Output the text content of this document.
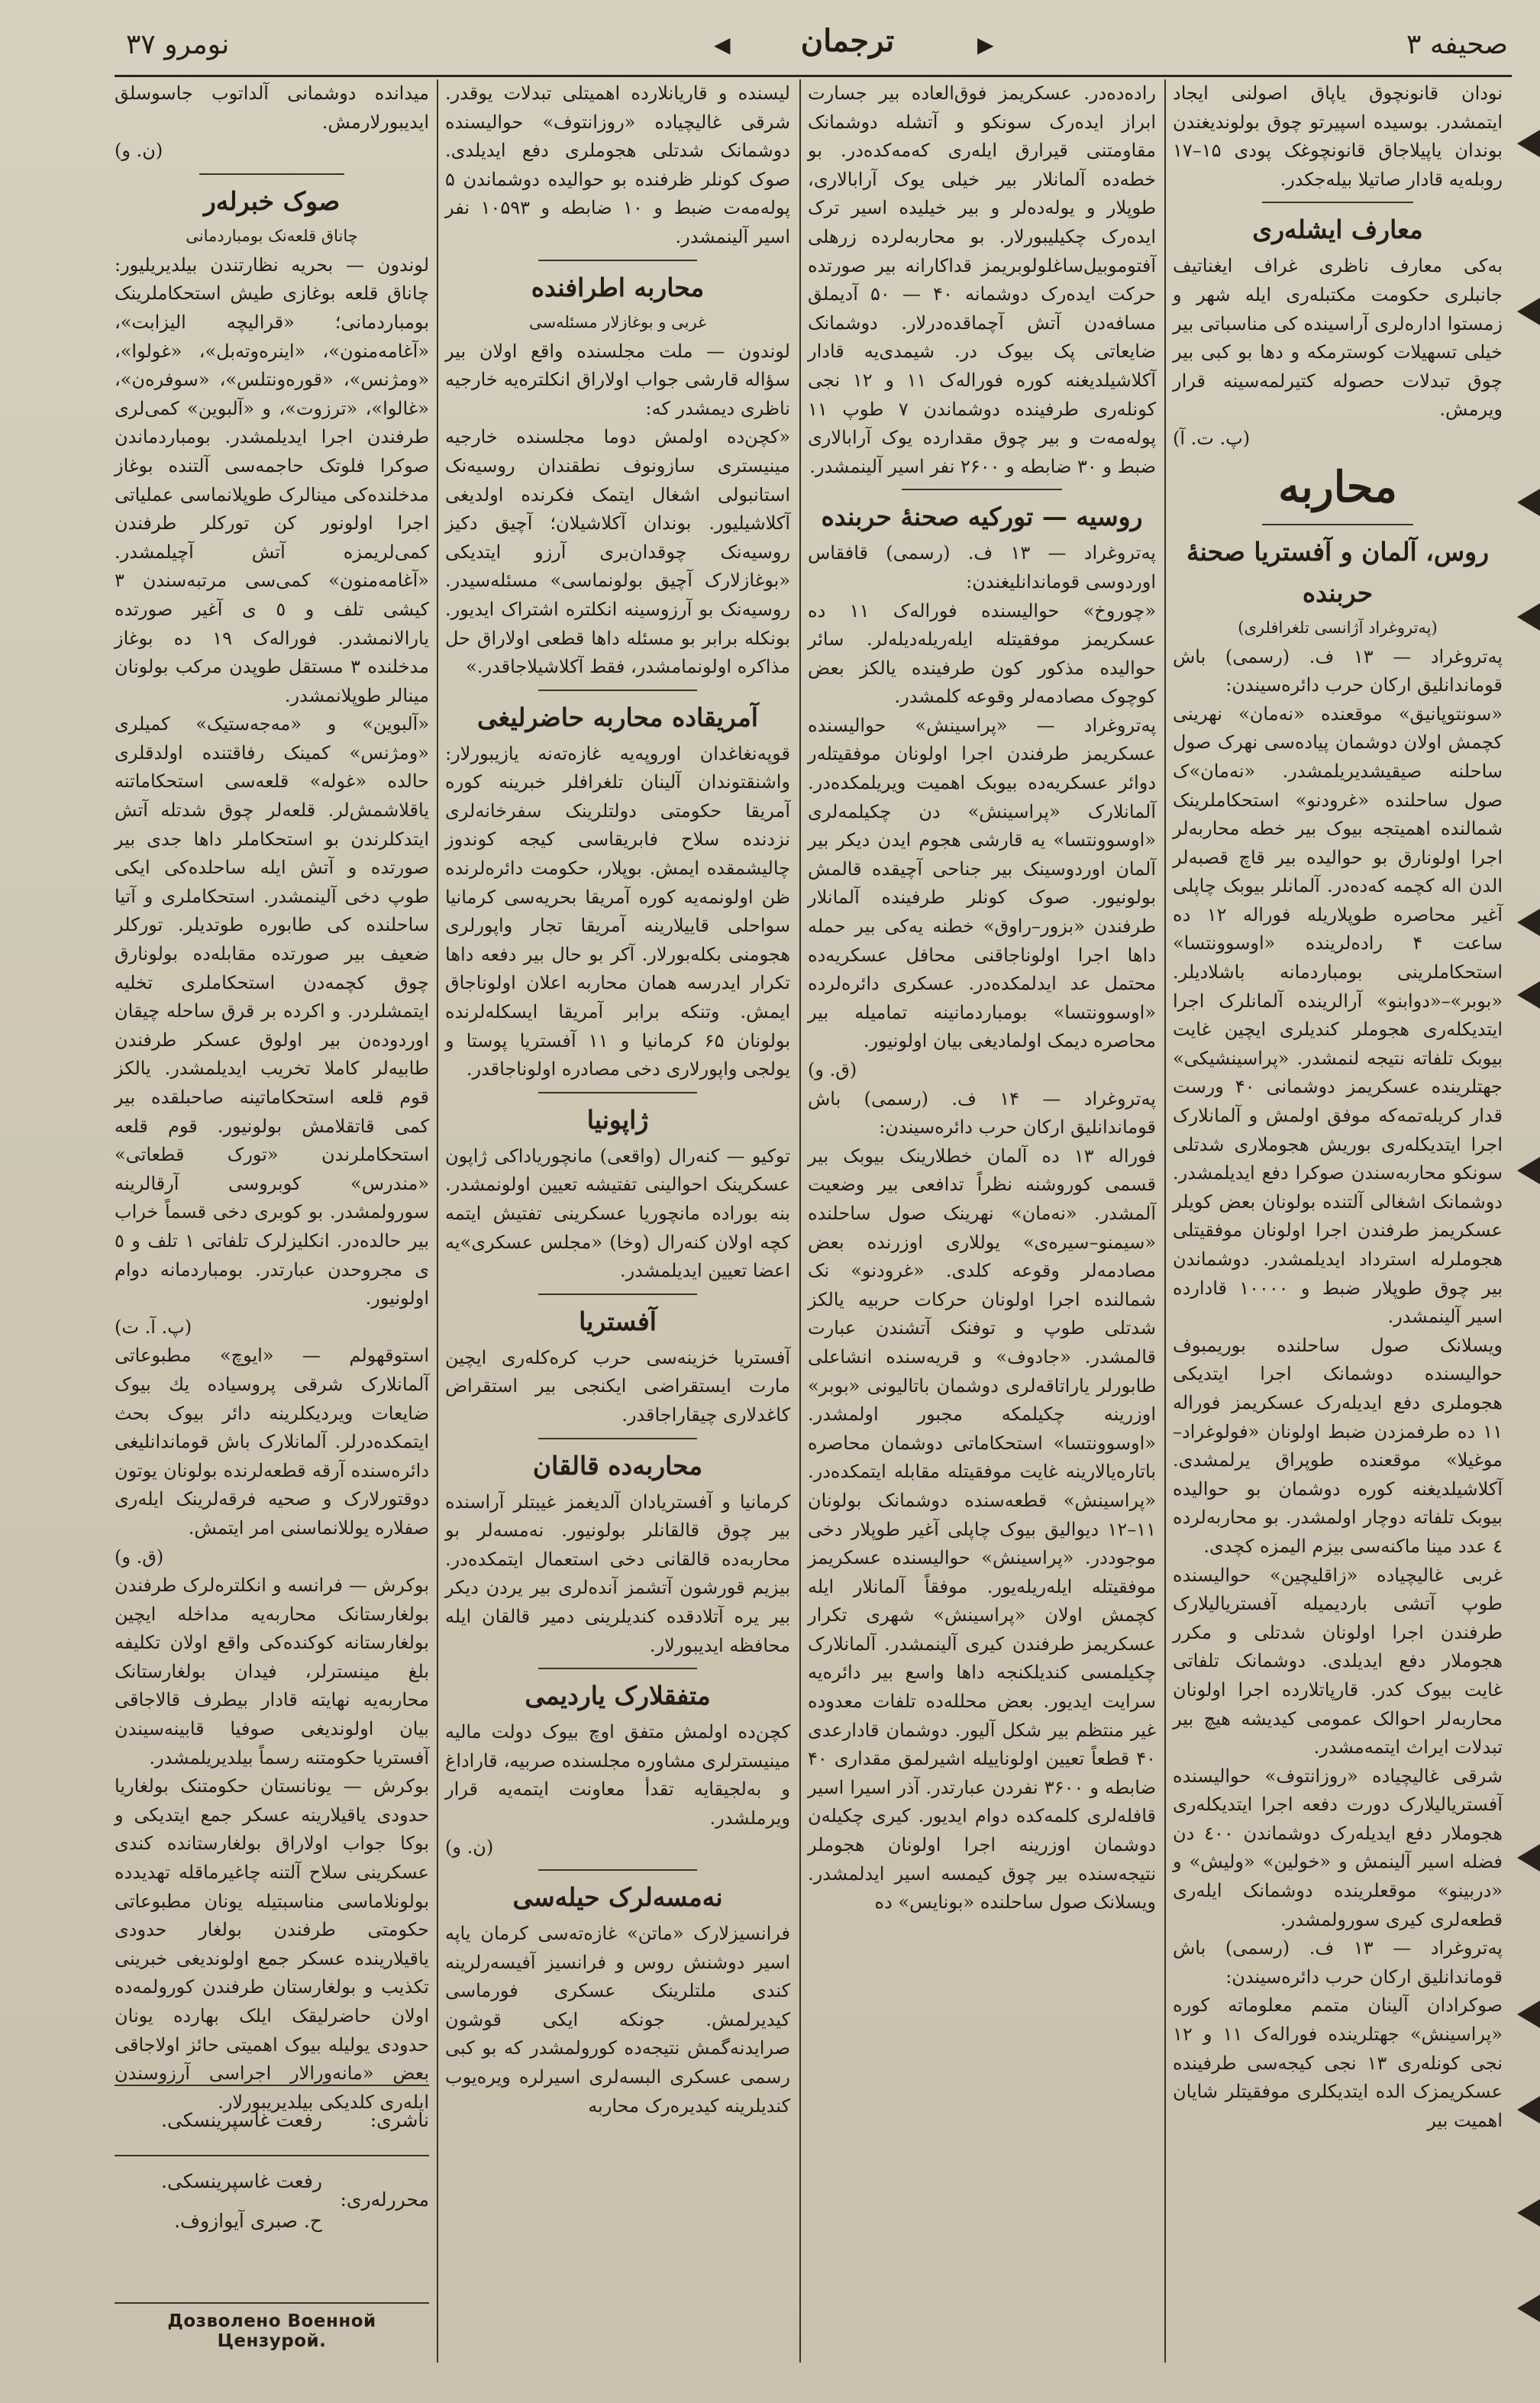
صحیفه ۳
▶
ترجمان
◀
نومرو ۳۷

نودان قانونچوق یاپاق اصولنی ایجاد ایتمشدر. بوسیده اسپیرتو چوق بولوندیغندن بوندان یاپیلاجاق قانونچوغک پودی ۱۵–۱۷ روبله‌یه قادار صاتیلا بیله‌جکدر.

معارف ایشلەری

بەکی معارف ناظری غراف ایغناتیف جانبلری حکومت مکتبلەری ایله شهر و زمستوا ادارەلری آراسینده کی مناسباتی بیر خیلی تسهیلات کوسترمکه و دها بو کبی بیر چوق تبدلات حصوله کتیرلمه‌سینه قرار ویرمش.

(پ. ت. آ)

محاربه
روس، آلمان و آفستریا صحنهٔ حربنده
(پەتروغراد آژانسی تلغرافلری)

پەتروغراد — ۱۳ ف. (رسمی) باش قوماندانلیق ارکان حرب دائره‌سیندن:

«سونتوپانیق» موقعنده «نەمان» نهرینی کچمش اولان دوشمان پیاده‌سی نهرک صول ساحلنه صیقیشدیریلمشدر. «نەمان»ک صول ساحلنده «غرودنو» استحکاملرینک شمالنده اهمیتجه بیوک بیر خطه محاربه‌لر اجرا اولونارق بو حوالیده بیر قاچ قصبه‌لر الدن اله کچمه کەدەدر. آلمانلر بیوبک چاپلی آغیر محاصره طوپلاریله فوراله ۱۲ ده ساعت ۴ رادەلرینده «اوسوونتسا» استحکاملرینی بومباردمانه باشلادیلر. «بوبر»–«دوابنو» آرالرینده آلمانلرک اجرا ایتدیکلەری هجوملر کندیلری ایچین غایت بیوبک تلفاته نتیجه لنمشدر. «پراسینشیکی» جهتلرینده عسکریمز دوشمانی ۴۰ ورست قدار کریلەتمه‌که موفق اولمش و آلمانلارک اجرا ایتدیکلەری بوریش هجوملاری شدتلی سونکو محاربه‌سندن صوکرا دفع ایدیلمشدر. دوشمانک اشغالی آلتنده بولونان بعض کویلر عسکریمز طرفندن اجرا اولونان موفقیتلی هجوملرله استرداد ایدیلمشدر. دوشماندن بیر چوق طوپلار ضبط و ۱۰۰۰۰ قادارده اسیر آلینمشدر.

ویسلانک صول ساحلنده بوریمبوف حوالیسنده دوشمانک اجرا ایتدیکی هجوملری دفع ایدیلەرک عسکریمز فوراله ۱۱ ده طرفمزدن ضبط اولونان «فولوغراد–موغیلا» موقعنده طوپراق یرلمشدی. آکلاشیلدیغنه کوره دوشمان بو حوالیده بیوبک تلفاته دوچار اولمشدر. بو محاربه‌لرده ٤ عدد مینا ماکنەسی بیزم الیمزه کچدی.

غربی غالیچیاده «زاقلیچین» حوالیسنده طوپ آتشی باردیمیله آفستریالیلارک طرفندن اجرا اولونان شدتلی و مکرر هجوملار دفع ایدیلدی. دوشمانک تلفاتی غایت بیوک کدر. قارپاتلارده اجرا اولونان محاربه‌لر احوالک عمومی کیدیشه هیچ بیر تبدلات ایراث ایتمه‌مشدر.

شرقی غالیچیاده «روزانتوف» حوالیسنده آفستریالیلارک دورت دفعه اجرا ایتدیکلەری هجوملار دفع ایدیلەرک دوشماندن ٤٠٠ دن فضله اسیر آلینمش و «خولین» «ولیش» و «دربینو» موقعلرینده دوشمانک ایلەری قطعەلری کیری سورولمشدر.

پەتروغراد — ۱۳ ف. (رسمی) باش قوماندانلیق ارکان حرب دائره‌سیندن:

صوکرادان آلینان متمم معلوماته کوره «پراسینش» جهتلرینده فوراله‌ک ۱۱ و ۱۲ نجی کونلەری ۱۳ نجی کیجه‌سی طرفینده عسکریمزک الده ایتدیکلری موفقیتلر شایان اهمیت بیر

رادەدەدر. عسکریمز فوق‌العاده بیر جسارت ابراز ایدەرک سونکو و آتشله دوشمانک مقاومتنی قیرارق ایلەری کەمەکدەدر. بو خطه‌ده آلمانلار بیر خیلی یوک آرابالاری، طوپلار و یوله‌ده‌لر و بیر خیلیده اسیر ترک ایده‌رک چکیلیبورلار. بو محاربه‌لرده زرهلی آفتوموبیل‌ساغلولوبریمز قداکارانه بیر صورتده حرکت ایده‌رک دوشمانه ۴۰ — ۵۰ آدیملق مسافەدن آتش آچماقدەدرلار. دوشمانک ضایعاتی پک بیوک در. شیمدی‌یه قادار آکلاشیلدیغنه کوره فوراله‌ک ۱۱ و ۱۲ نجی کونلەری طرفینده دوشماندن ۷ طوپ ۱۱ پولەمەت و بیر چوق مقدارده یوک آرابالاری ضبط و ۳۰ ضابطه و ۲۶۰۰ نفر اسیر آلینمشدر.

روسیه — تورکیه صحنهٔ حربنده

پەتروغراد — ۱۳ ف. (رسمی) قافقاس اوردوسی قوماندانلیغندن:

«چوروخ» حوالیسنده فوراله‌ک ۱۱ ده عسکریمز موفقیتله ایلەریله‌دیله‌لر. سائر حوالیده مذکور کون طرفینده یالکز بعض کوچوک مصادمه‌لر وقوعه کلمشدر.

پەتروغراد — «پراسینش» حوالیسنده عسکریمز طرفندن اجرا اولونان موفقیتلەر دوائر عسکریه‌ده بیوبک اهمیت ویریلمکده‌در. آلمانلارک «پراسینش» دن چکیلمه‌لری «اوسوونتسا» یه قارشی هجوم ایدن دیکر بیر آلمان اوردوسینک بیر جناحی آچیقده قالمش بولونیور. صوک کونلر طرفینده آلمانلار طرفندن «بزور–راوق» خطنه یه‌کی بیر حمله داها اجرا اولوناجاقنی محافل عسکریه‌ده محتمل عد ایدلمکده‌در. عسکری دائره‌لرده «اوسوونتسا» بومباردمانینه تمامیله بیر محاصره دیمک اولمادیغی بیان اولونیور.

(ق. و)

پەتروغراد — ۱۴ ف. (رسمی) باش قوماندانلیق ارکان حرب دائره‌سیندن:

فوراله ۱۳ ده آلمان خطلارینک بیوبک بیر قسمی کوروشنه نظراً تدافعی بیر وضعیت آلمشدر. «نەمان» نهرینک صول ساحلنده «سیمنو–سیرەی» یوللاری اوزرنده بعض مصادمه‌لر وقوعه کلدی. «غرودنو» نک شمالنده اجرا اولونان حرکات حربیه یالکز شدتلی طوپ و توفنک آتشندن عبارت قالمشدر. «جادوف» و قریه‌سنده انشاعلی طابورلر یاراتاقه‌لری دوشمان باتالیونی «بوبر» اوزرینه چکیلمکە مجبور اولمشدر. «اوسوونتسا» استحکاماتی دوشمان محاصره باتارەیالارینه غایت موفقیتله مقابله ایتمکدەدر. «پراسینش» قطعه‌سنده دوشمانک بولونان ۱۱–۱۲ دیوالیق بیوک چاپلی آغیر طوپلار دخی موجوددر. «پراسینش» حوالیسنده عسکریمز موفقیتله ایلەریلەیور. موفقاً آلمانلار ایله کچمش اولان «پراسینش» شهری تکرار عسکریمز طرفندن کیری آلینمشدر. آلمانلارک چکیلمسی کندیلکنجه داها واسع بیر دائرەیه سرایت ایدیور. بعض محلله‌ده تلفات معدوده غیر منتظم بیر شکل آلیور. دوشمان قادارعدی ۴۰ قطعاً تعیین اولوناییله اشیرلمق مقداری ۴۰ ضابطه و ۳۶۰۰ نفردن عبارتدر. آذر اسیرا اسیر قافلەلری کلمه‌کده دوام ایدیور. کیری چکیلەن دوشمان اوزرینه اجرا اولونان هجوملر نتیجه‌سنده بیر چوق کیمسه اسیر ایدلمشدر. ویسلانک صول ساحلنده «بونایس» ده

لیسنده و قاریانلارده اهمیتلی تبدلات یوقدر. شرقی غالیچیاده «روزانتوف» حوالیسنده دوشمانک شدتلی هجوملری دفع ایدیلدی. صوک کونلر ظرفنده بو حوالیده دوشماندن ۵ پولەمەت ضبط و ۱۰ ضابطه و ۱۰۵۹۳ نفر اسیر آلینمشدر.

محاربه اطرافنده
غربی و بوغازلار مسئله‌سی

لوندون — ملت مجلسنده واقع اولان بیر سؤاله قارشی جواب اولاراق انکلتره‌یه خارجیه ناظری دیمشدر که:

«کچن‌ده اولمش دوما مجلسنده خارجیه مینیستری سازونوف نطقندان روسیه‌نک استانبولی اشغال ایتمک فکرنده اولدیغی آکلاشیلیور. بوندان آکلاشیلان؛ آچیق دکیز روسیه‌نک چوقدان‌بری آرزو ایتدیکی «بوغازلارک آچیق بولونماسی» مسئله‌سیدر. روسیه‌نک بو آرزوسینه انکلتره اشتراک ایدیور. بونکله برابر بو مسئله داها قطعی اولاراق حل مذاکره اولونمامشدر، فقط آکلاشیلاجاقدر.»

آمریقاده محاربه حاضرلیغی

قوپه‌نغاغدان اوروپه‌یه غازه‌ته‌نه یازیبورلار: واشنقتوندان آلینان تلغرافلر خبرینه کوره آمریقا حکومتی دولتلرینک سفرخانه‌لری نزدنده سلاح فابریقاسی کیجه کوندوز چالیشمقده ایمش. بوپلار، حکومت دائره‌لرنده ظن اولونمه‌یه کوره آمریقا بحریه‌سی کرمانیا سواحلی قاییلارینه آمریقا تجار واپورلری هجومنی بکلەبورلار. آکر بو حال بیر دفعه داها تکرار ایدرسه همان محاربه اعلان اولوناجاق ایمش. وتنکه برابر آمریقا ایسکله‌لرنده بولونان ۶۵ کرمانیا و ۱۱ آفستریا پوستا و یولجی واپورلاری دخی مصادره اولوناجاقدر.

ژاپونیا

توکیو — کنەرال (واقعی) مانچوریاداکی ژاپون عسکرینک احوالینی تفتیشه تعیین اولونمشدر. بنه بوراده مانچوریا عسکرینی تفتیش ایتمه کچه اولان کنەرال (وخا) «مجلس عسکری»یه اعضا تعیین ایدیلمشدر.

آفستریا

آفستریا خزینه‌سی حرب کره‌کلەری ایچین مارت ایستقراضی ایکنجی بیر استقراض کاغدلاری چیقاراجاقدر.

محاربه‌ده قالقان

کرمانیا و آفستریادان آلدیغمز غیبتلر آراسنده بیر چوق قالقانلر بولونیور. نه‌مسه‌لر بو محاربه‌ده قالقانی دخی استعمال ایتمکده‌در. بیزیم قورشون آتشمز آنده‌لری بیر یردن دیکر بیر یره آتلادقده کندیلرینی دمیر قالقان ایله محافظه ایدیبورلار.

متفقلارک یاردیمی

کچن‌ده اولمش متفق اوچ بیوک دولت مالیه مینیسترلری مشاوره مجلسنده صربیه، قاراداغ و بەلجیقایه تقدأ معاونت ایتمه‌یه قرار ویرملشدر.

(ن. و)

نەمسه‌لرک حیله‌سی

فرانسیزلارک «ماتن» غازەته‌سی کرمان یاپه اسیر دوشنش روس و فرانسیز آفیسەرلرینه کندی ملتلرینک عسکری فورماسی کیدیرلمش. جونکه ایکی قوشون صرایدنه‌گمش نتیجه‌ده کورولمشدر که بو کبی رسمی عسکری البسه‌لری اسیرلره ویره‌یوب کندیلرینه کیدیرەرک محاربه

میدانده دوشمانی آلداتوب جاسوسلق ایدیبورلارمش.

(ن. و)

صوک خبرلەر
چاناق قلعه‌نک بومباردمانی

لوندون — بحریه نظارتندن بیلدیریلیور: چاناق قلعه بوغازی طیش استحکاملرینک بومباردمانی؛ «قرالیچه الیزابت»، «آغامەمنون»، «اینرەوتەبل»، «غولوا»، «ومژنس»، «قوره‌ونتلس»، «سوفرەن»، «غالوا»، «ترزوت»، و «آلبوین» کمی‌لری طرفندن اجرا ایدیلمشدر. بومباردماندن صوکرا فلوتک حاجمه‌سی آلتنده بوغاز مدخلنده‌کی مینالرک طوپلانماسی عملیاتی اجرا اولونور کن تورکلر طرفندن کمی‌لریمزه آتش آچیلمشدر. «آغامەمنون» کمی‌سی مرتبه‌سندن ۳ کیشی تلف و ٥ ی آغیر صورتده یارالانمشدر. فوراله‌ک ۱۹ ده بوغاز مدخلنده ۳ مستقل طوپدن مرکب بولونان مینالر طوپلانمشدر.

«آلبوین» و «مەجەستیک» کمیلری «ومژنس» کمینک رفاقتنده اولدقلری حالده «غوله» قلعه‌سی استحکاماتنه یاقلاشمش‌لر. قلعه‌لر چوق شدتله آتش ایتدکلرندن بو استحکاملر داها جدی بیر صورتده و آتش ایله ساحلده‌کی ایکی طوپ دخی آلینمشدر. استحکاملری و آتیا ساحلنده کی طابوره طوتدیلر. تورکلر ضعیف بیر صورتده مقابله‌ده بولونارق چوق کچمه‌دن استحکاملری تخلیه ایتمشلردر. و اکرده بر قرق ساحله چیقان اوردوده‌ن بیر اولوق عسکر طرفندن طابیه‌لر کاملا تخریب ایدیلمشدر. یالکز قوم قلعه استحکاماتینه صاحبلقده بیر کمی قاتقلامش بولونیور. قوم قلعه استحکاملرندن «تورک قطعاتی» «مندرس» کوبروسی آرقالرینه سورولمشدر. بو کوبری دخی قسماً خراب بیر حالده‌در. انکلیزلرک تلفاتی ۱ تلف و ٥ ی مجروحدن عبارتدر. بومباردمانه دوام اولونیور.

(پ. آ. ت)

استوقهولم — «ایوچ» مطبوعاتی آلمانلارک شرقی پروسیاده یك بیوک ضایعات ویر‌دیکلرینه دائر بیوک بحث ایتمکده‌درلر. آلمانلارک باش قوماندانلیغی دائرەسنده آرقه قطعەلرنده بولونان یوتون دوقتورلارک و صحیه فرقه‌لرینک ایلەری صفلاره یوللانماسنی امر ایتمش.

(ق. و)

بوکرش — فرانسه و انکلتره‌لرک طرفندن بولغارستانک محاربه‌یه مداخله ایچین بولغارستانه کوکنده‌کی واقع اولان تکلیفه بلغ مینستر‌لر، فیدان بولغارستانک محاربه‌یه نهایته قادار بیطرف قالاجاقی بیان اولوندیغی صوفیا قابینه‌سیندن آفستریا حکومتنه رسماً بیلدیریلمشدر.

بوکرش — یونانستان حکومتنک بولغاریا حدودی یاقیلارینه عسکر جمع ایتدیکی و بوکا جواب اولاراق بولغارستانده کندی عسکرینی سلاح آلتنه چاغیرماقله تهدید‌دە بولونلاماسی مناسبتیله یونان مطبوعاتی حکومتی طرفندن بولغار حدودی یاقیلارینده عسکر جمع اولوندیغی خبرینی تکذیب و بولغارستان طرفندن کورولمه‌ده اولان حاضرلیقک ایلک بهارده یونان حدودی یولیله بیوک اهمیتی حائز اولاجاقی بعض «مانەورالار اجراسی آرزوسندن ایلەری کلدیکی بیلدیریبورلار.

ناشری:
رفعت غاسپرینسکی.
محررلەری:
رفعت غاسپرینسکی.
ح. صبری آیوازوف.
Дозволено Военной Цензурой.
